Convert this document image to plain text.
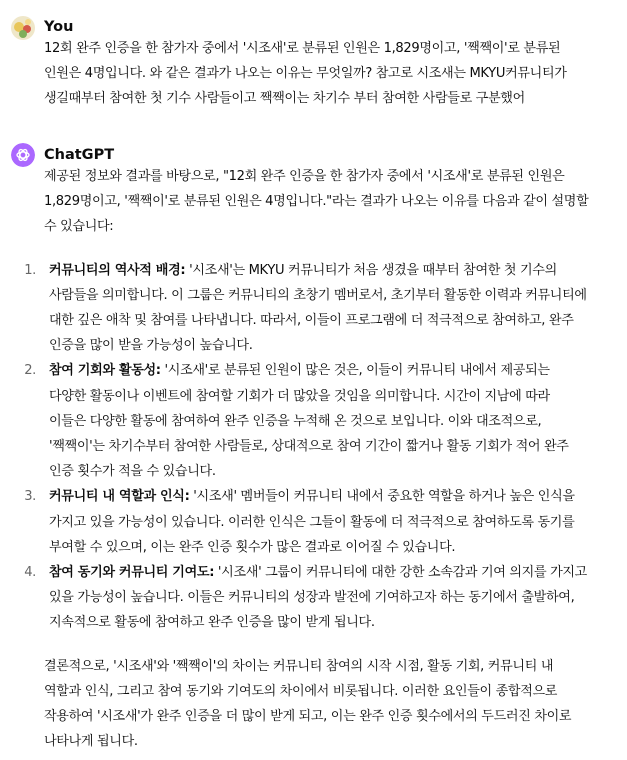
You

12회 완주 인증을 한 참가자 중에서 '시조새'로 분류된 인원은 1,829명이고, '짹짹이'로 분류된 인원은 4명입니다. 와 같은 결과가 나오는 이유는 무엇일까? 참고로 시조새는 MKYU커뮤니티가 생길때부터 참여한 첫 기수 사람들이고 짹짹이는 차기수 부터 참여한 사람들로 구분했어

ChatGPT

제공된 정보와 결과를 바탕으로, "12회 완주 인증을 한 참가자 중에서 '시조새'로 분류된 인원은 1,829명이고, '짹짹이'로 분류된 인원은 4명입니다."라는 결과가 나오는 이유를 다음과 같이 설명할 수 있습니다:

1. 커뮤니티의 역사적 배경: '시조새'는 MKYU 커뮤니티가 처음 생겼을 때부터 참여한 첫 기수의 사람들을 의미합니다. 이 그룹은 커뮤니티의 초창기 멤버로서, 초기부터 활동한 이력과 커뮤니티에 대한 깊은 애착 및 참여를 나타냅니다. 따라서, 이들이 프로그램에 더 적극적으로 참여하고, 완주 인증을 많이 받을 가능성이 높습니다.
2. 참여 기회와 활동성: '시조새'로 분류된 인원이 많은 것은, 이들이 커뮤니티 내에서 제공되는 다양한 활동이나 이벤트에 참여할 기회가 더 많았을 것임을 의미합니다. 시간이 지남에 따라 이들은 다양한 활동에 참여하여 완주 인증을 누적해 온 것으로 보입니다. 이와 대조적으로, '짹짹이'는 차기수부터 참여한 사람들로, 상대적으로 참여 기간이 짧거나 활동 기회가 적어 완주 인증 횟수가 적을 수 있습니다.
3. 커뮤니티 내 역할과 인식: '시조새' 멤버들이 커뮤니티 내에서 중요한 역할을 하거나 높은 인식을 가지고 있을 가능성이 있습니다. 이러한 인식은 그들이 활동에 더 적극적으로 참여하도록 동기를 부여할 수 있으며, 이는 완주 인증 횟수가 많은 결과로 이어질 수 있습니다.
4. 참여 동기와 커뮤니티 기여도: '시조새' 그룹이 커뮤니티에 대한 강한 소속감과 기여 의지를 가지고 있을 가능성이 높습니다. 이들은 커뮤니티의 성장과 발전에 기여하고자 하는 동기에서 출발하여, 지속적으로 활동에 참여하고 완주 인증을 많이 받게 됩니다.

결론적으로, '시조새'와 '짹짹이'의 차이는 커뮤니티 참여의 시작 시점, 활동 기회, 커뮤니티 내 역할과 인식, 그리고 참여 동기와 기여도의 차이에서 비롯됩니다. 이러한 요인들이 종합적으로 작용하여 '시조새'가 완주 인증을 더 많이 받게 되고, 이는 완주 인증 횟수에서의 두드러진 차이로 나타나게 됩니다.
